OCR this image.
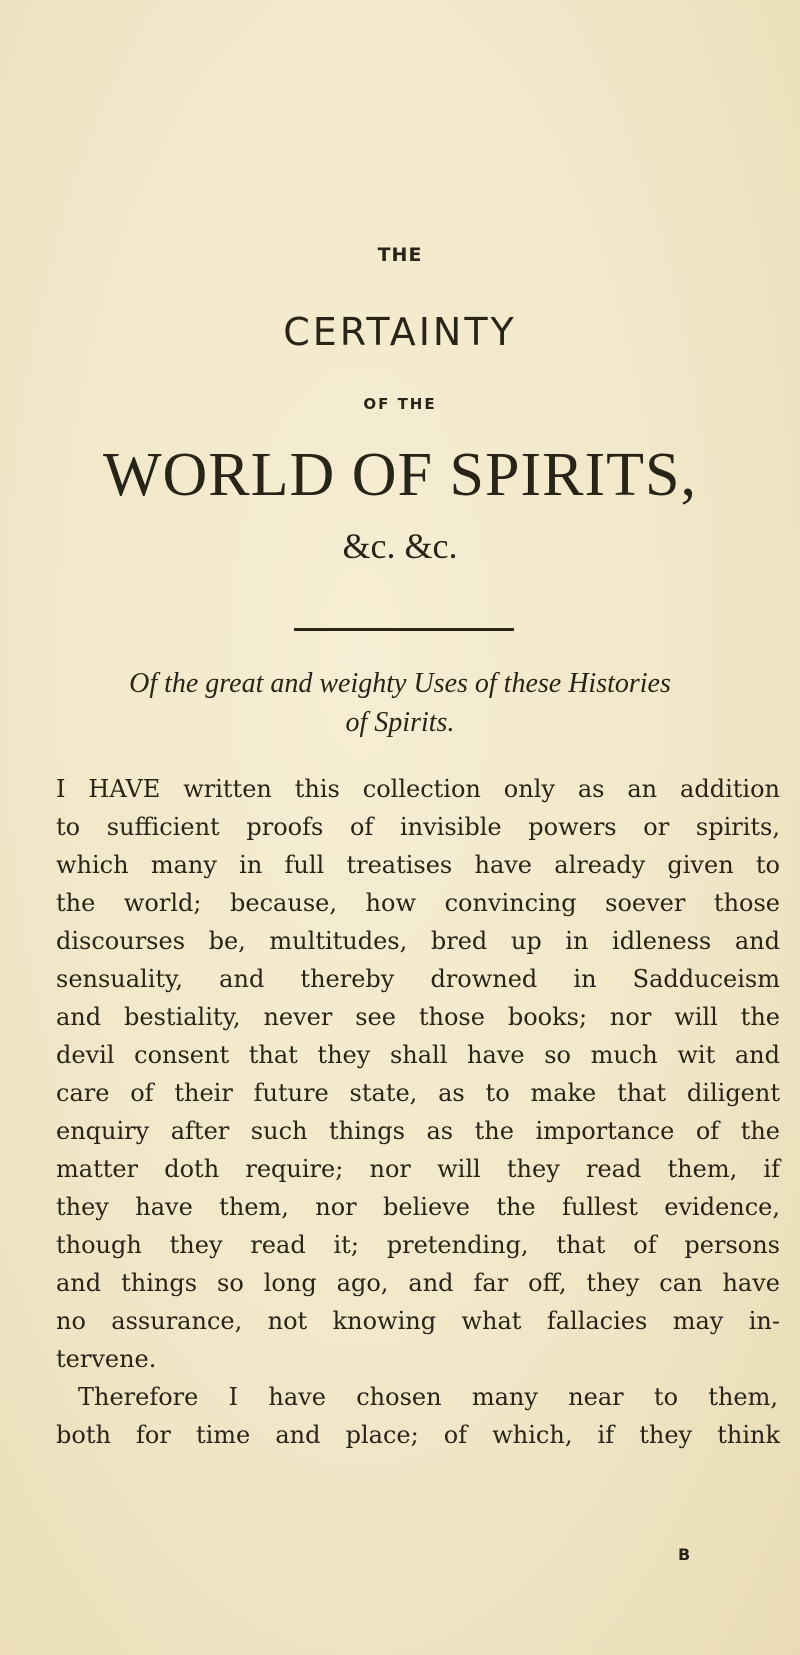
THE

CERTAINTY

OF THE

WORLD OF SPIRITS,

&c. &c.

Of the great and weighty Uses of these Histories

of Spirits.

I HAVE written this collection only as an addition

to sufficient proofs of invisible powers or spirits,

which many in full treatises have already given to

the world; because, how convincing soever those

discourses be, multitudes, bred up in idleness and

sensuality, and thereby drowned in Sadduceism

and bestiality, never see those books; nor will the

devil consent that they shall have so much wit and

care of their future state, as to make that diligent

enquiry after such things as the importance of the

matter doth require; nor will they read them, if

they have them, nor believe the fullest evidence,

though they read it; pretending, that of persons

and things so long ago, and far off, they can have

no assurance, not knowing what fallacies may in-

tervene.

Therefore I have chosen many near to them,

both for time and place; of which, if they think

B
